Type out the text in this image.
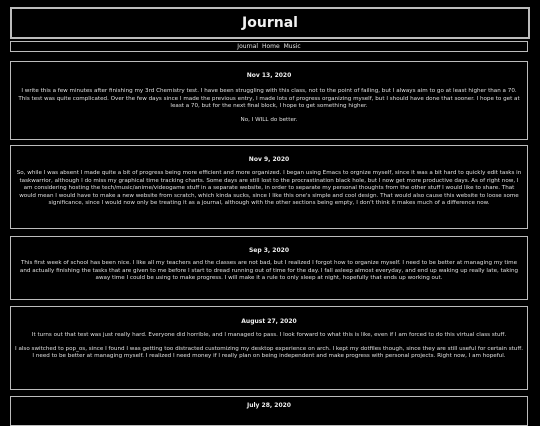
Journal
Journal Home Music
Nov 13, 2020

I write this a few minutes after finishing my 3rd Chemistry test. I have been struggling with this class, not to the point of failing, but I always aim to go at least higher than a 70. This test was quite complicated. Over the few days since I made the previous entry, I made lots of progress organizing myself, but I should have done that sooner. I hope to get at least a 70, but for the next final block, I hope to get something higher.

No, I WILL do better.

Nov 9, 2020

So, while I was absent I made quite a bit of progress being more efficient and more organized. I began using Emacs to orgnize myself, since it was a bit hard to quickly edit tasks in taskwarrior, although I do miss my graphical time tracking charts. Some days are still lost to the procrastination black hole, but I now get more productive days. As of right now, I am considering hosting the tech/music/anime/videogame stuff in a separate website, in order to separate my personal thoughts from the other stuff I would like to share. That would mean I would have to make a new website from scratch, which kinda sucks, since I like this one's simple and cool design. That would also cause this website to loose some significance, since I would now only be treating it as a journal, although with the other sections being empty, I don't think it makes much of a difference now.

Sep 3, 2020

This first week of school has been nice. I like all my teachers and the classes are not bad, but I realized I forgot how to organize myself. I need to be better at managing my time and actually finishing the tasks that are given to me before I start to dread running out of time for the day. I fall asleep almost everyday, and end up waking up really late, taking away time I could be using to make progress. I will make it a rule to only sleep at night, hopefully that ends up working out.

August 27, 2020

It turns out that test was just really hard. Everyone did horrible, and I managed to pass. I look forward to what this is like, even if I am forced to do this virtual class stuff.

I also switched to pop_os, since I found I was getting too distracted customizing my desktop experience on arch. I kept my dotfiles though, since they are still useful for certain stuff. I need to be better at managing myself. I realized I need money if I really plan on being independent and make progress with personal projects. Right now, I am hopeful.

July 28, 2020
